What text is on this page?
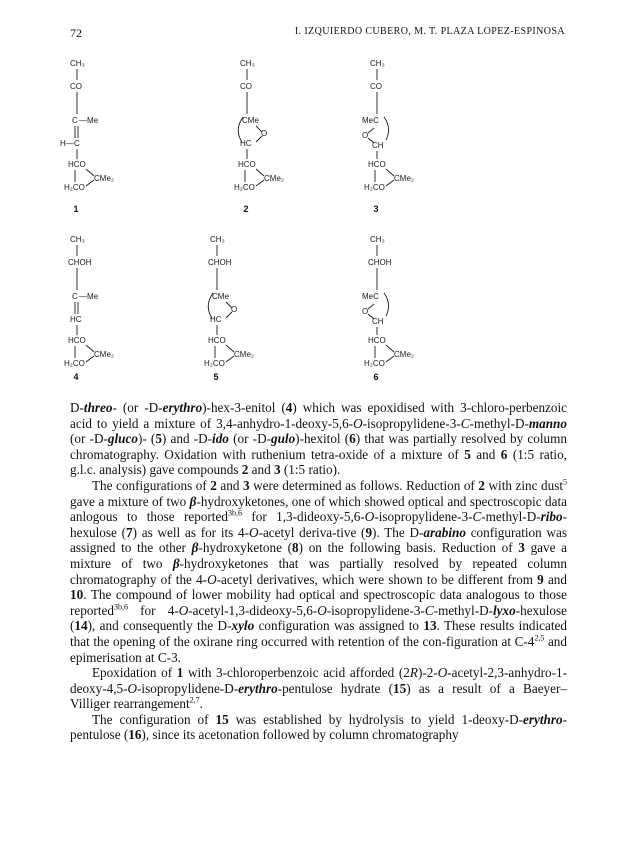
72	I. IZQUIERDO CUBERO, M. T. PLAZA LOPEZ-ESPINOSA
CH₃
CO
C —Me
H— C
HCO
CMe₂
H₂CO
1
CH₃
CO
CMe
O
HC
HCO
CMe₂
H₂CO
2
CH₃
CO
MeC
O
CH
HCO
CMe₂
H₂CO
3
CH₃
CHOH
C —Me
HC
HCO
CMe₂
H₂CO
4
CH₃
CHOH
CMe
O
HC
HCO
CMe₂
H₂CO
5
CH₃
CHOH
MeC
O
CH
HCO
CMe₂
H₂CO
6

D-threo- (or -D-erythro)-hex-3-enitol (4) which was epoxidised with 3-chloro-perbenzoic acid to yield a mixture of 3,4-anhydro-1-deoxy-5,6-O-isopropylidene-3-C-methyl-D-manno (or -D-gluco)- (5) and -D-ido (or -D-gulo)-hexitol (6) that was partially resolved by column chromatography. Oxidation with ruthenium tetra-oxide of a mixture of 5 and 6 (1:5 ratio, g.l.c. analysis) gave compounds 2 and 3 (1:5 ratio).

The configurations of 2 and 3 were determined as follows. Reduction of 2 with zinc dust$^5$ gave a mixture of two β-hydroxyketones, one of which showed optical and spectroscopic data anlogous to those reported$^{3b,6}$ for 1,3-dideoxy-5,6-O-isopropylidene-3-C-methyl-D-ribo-hexulose (7) as well as for its 4-O-acetyl deriva-tive (9). The D-arabino configuration was assigned to the other β-hydroxyketone (8) on the following basis. Reduction of 3 gave a mixture of two β-hydroxyketones that was partially resolved by repeated column chromatography of the 4-O-acetyl derivatives, which were shown to be different from 9 and 10. The compound of lower mobility had optical and spectroscopic data analogous to those reported$^{3b,6}$ for 4-O-acetyl-1,3-dideoxy-5,6-O-isopropylidene-3-C-methyl-D-lyxo-hexulose (14), and consequently the D-xylo configuration was assigned to 13. These results indicated that the opening of the oxirane ring occurred with retention of the con-figuration at C-4$^{2,5}$ and epimerisation at C-3.

Epoxidation of 1 with 3-chloroperbenzoic acid afforded (2R)-2-O-acetyl-2,3-anhydro-1-deoxy-4,5-O-isopropylidene-D-erythro-pentulose hydrate (15) as a result of a Baeyer–Villiger rearrangement$^{2,7}$.

The configuration of 15 was established by hydrolysis to yield 1-deoxy-D-erythro-pentulose (16), since its acetonation followed by column chromatography
